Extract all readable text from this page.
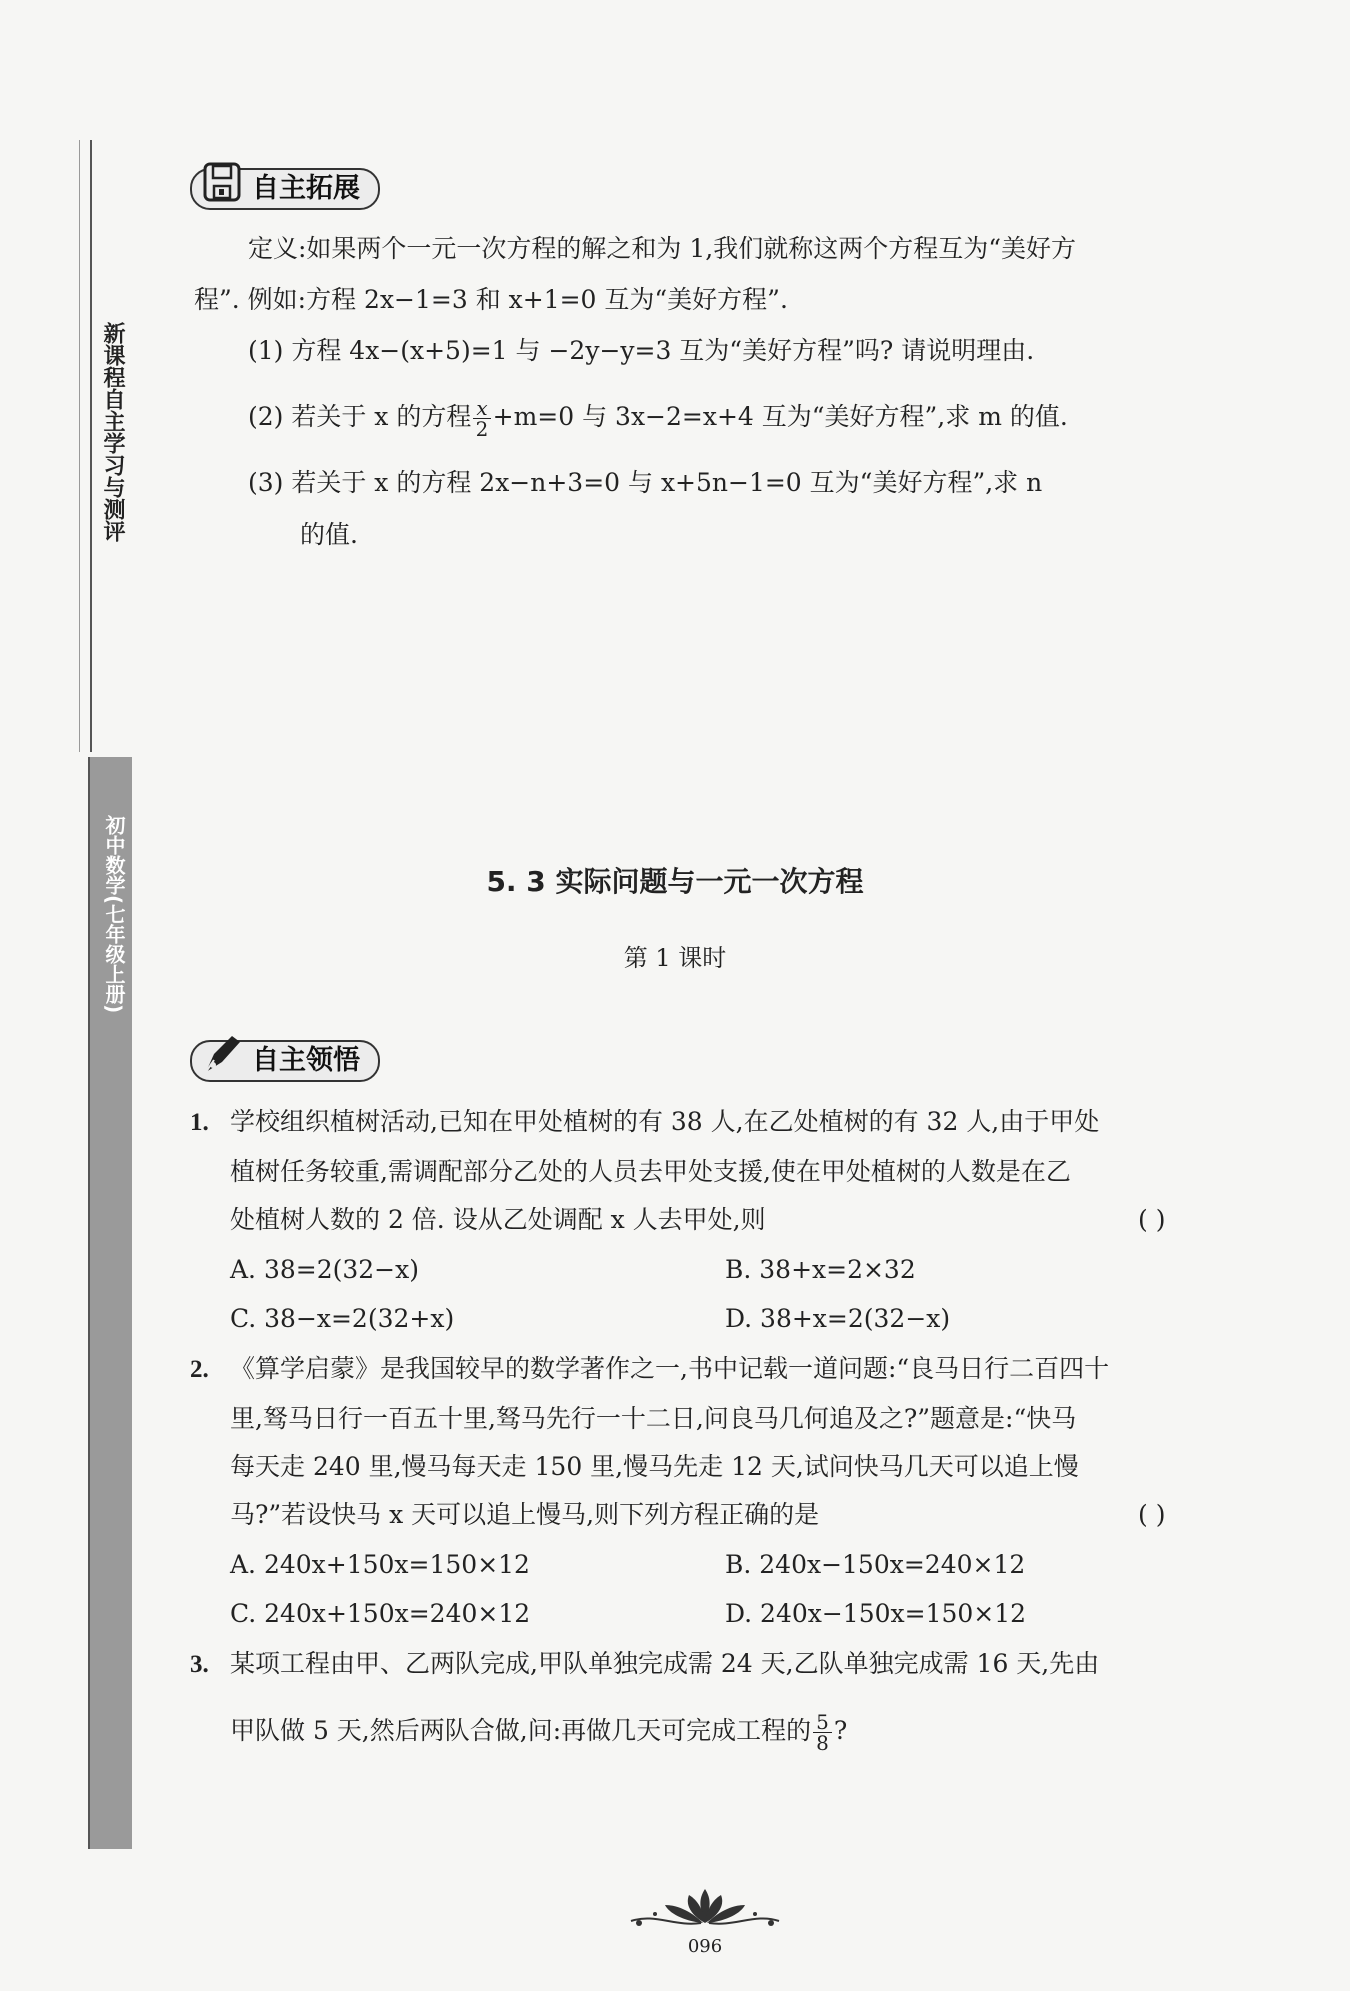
新课程自主学习与测评
初中数学(七年级上册)
自主拓展
定义:如果两个一元一次方程的解之和为 1,我们就称这两个方程互为“美好方
程”. 例如:方程 2x−1=3 和 x+1=0 互为“美好方程”.
(1) 方程 4x−(x+5)=1 与 −2y−y=3 互为“美好方程”吗? 请说明理由.
(2) 若关于 x 的方程 $\frac{x}{2} +m=0$ 与 3x−2=x+4 互为“美好方程”,求 m 的值.
(3) 若关于 x 的方程 2x−n+3=0 与 x+5n−1=0 互为“美好方程”,求 n
的值.
5. 3 实际问题与一元一次方程
第 1 课时
自主领悟
1. 学校组织植树活动,已知在甲处植树的有 38 人,在乙处植树的有 32 人,由于甲处
植树任务较重,需调配部分乙处的人员去甲处支援,使在甲处植树的人数是在乙
处植树人数的 2 倍. 设从乙处调配 x 人去甲处,则	( )
A. 38=2(32−x)	B. 38+x=2×32
C. 38−x=2(32+x)	D. 38+x=2(32−x)
2. 《算学启蒙》是我国较早的数学著作之一,书中记载一道问题:“良马日行二百四十
里,驽马日行一百五十里,驽马先行一十二日,问良马几何追及之?”题意是:“快马
每天走 240 里,慢马每天走 150 里,慢马先走 12 天,试问快马几天可以追上慢
马?”若设快马 x 天可以追上慢马,则下列方程正确的是	( )
A. 240x+150x=150×12	B. 240x−150x=240×12
C. 240x+150x=240×12	D. 240x−150x=150×12
3. 某项工程由甲、乙两队完成,甲队单独完成需 24 天,乙队单独完成需 16 天,先由
甲队做 5 天,然后两队合做,问:再做几天可完成工程的 $\frac{5}{8}$ ?
096
